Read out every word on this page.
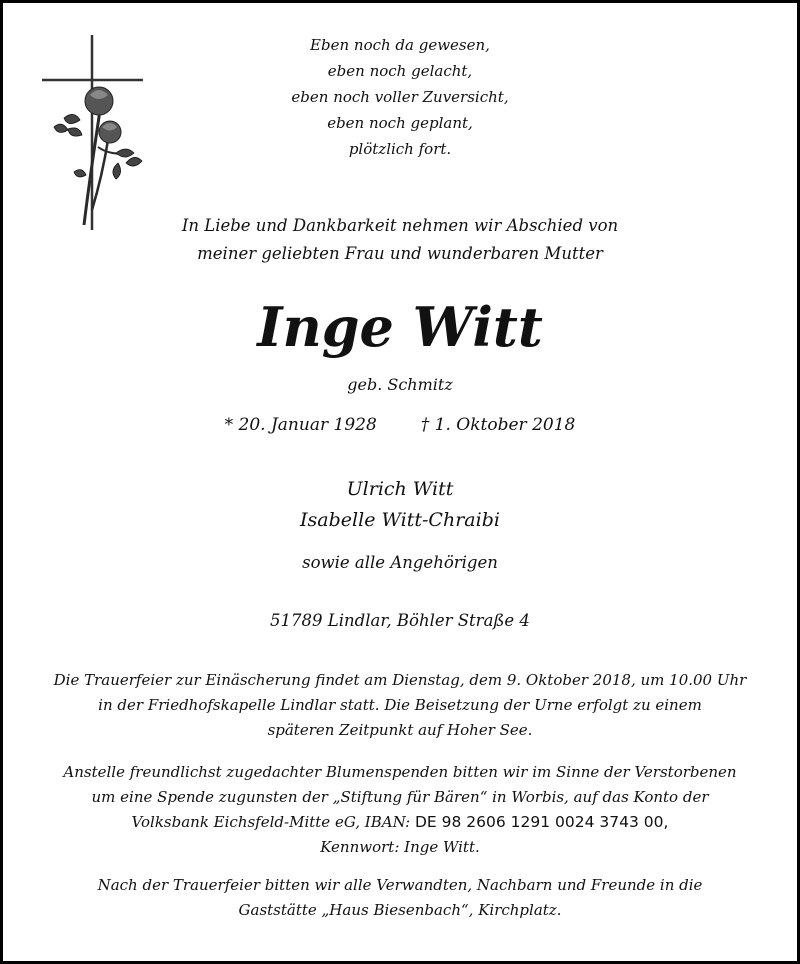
Eben noch da gewesen,
eben noch gelacht,
eben noch voller Zuversicht,
eben noch geplant,
plötzlich fort.
In Liebe und Dankbarkeit nehmen wir Abschied von
meiner geliebten Frau und wunderbaren Mutter
Inge Witt
geb. Schmitz
* 20. Januar 1928	† 1. Oktober 2018
Ulrich Witt
Isabelle Witt-Chraibi
sowie alle Angehörigen
51789 Lindlar, Böhler Straße 4
Die Trauerfeier zur Einäscherung findet am Dienstag, dem 9. Oktober 2018, um 10.00 Uhr
in der Friedhofskapelle Lindlar statt. Die Beisetzung der Urne erfolgt zu einem
späteren Zeitpunkt auf Hoher See.
Anstelle freundlichst zugedachter Blumenspenden bitten wir im Sinne der Verstorbenen
um eine Spende zugunsten der „Stiftung für Bären“ in Worbis, auf das Konto der
Volksbank Eichsfeld-Mitte eG, IBAN: DE 98 2606 1291 0024 3743 00,
Kennwort: Inge Witt.
Nach der Trauerfeier bitten wir alle Verwandten, Nachbarn und Freunde in die
Gaststätte „Haus Biesenbach“, Kirchplatz.
